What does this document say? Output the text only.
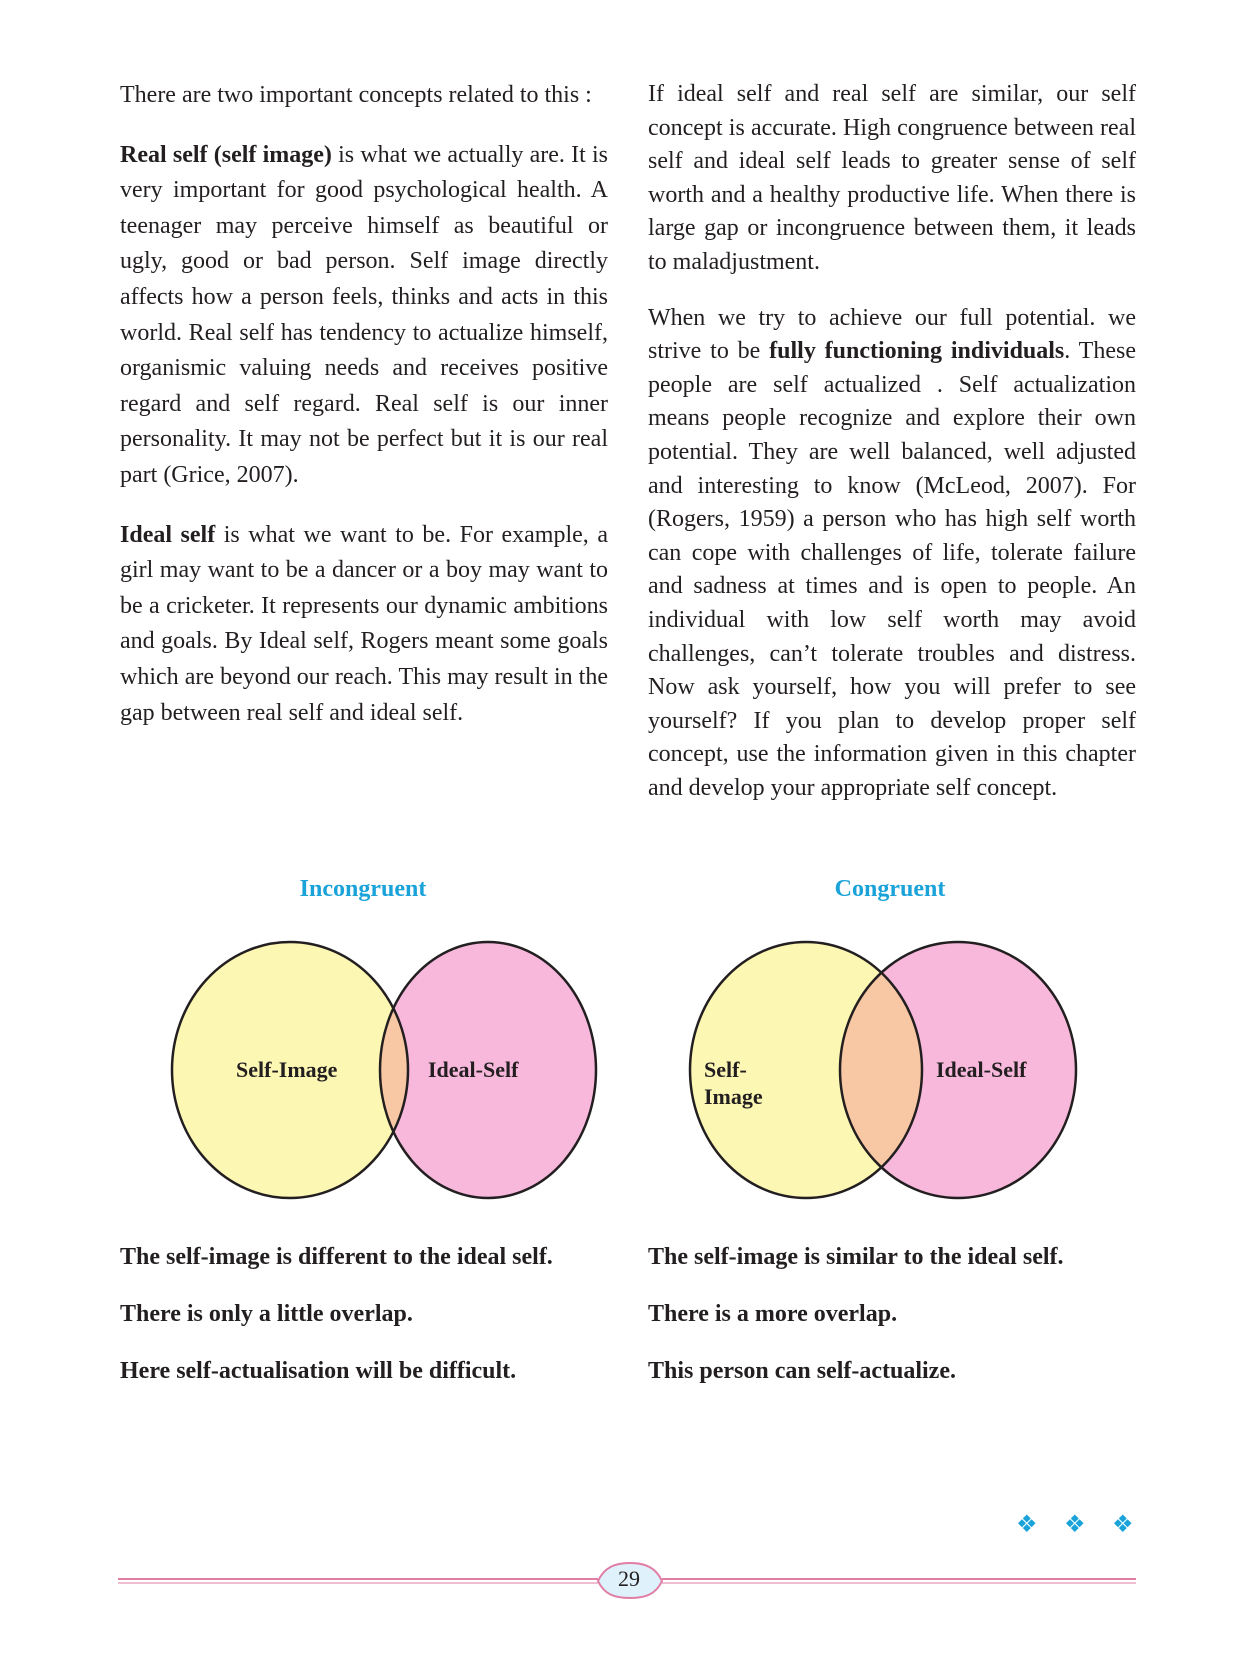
There are two important concepts related to this :

Real self (self image) is what we actually are. It is very important for good psychological health. A teenager may perceive himself as beautiful or ugly, good or bad person. Self image directly affects how a person feels, thinks and acts in this world. Real self has tendency to actualize himself, organismic valuing needs and receives positive regard and self regard. Real self is our inner personality. It may not be perfect but it is our real part (Grice, 2007).

Ideal self is what we want to be. For example, a girl may want to be a dancer or a boy may want to be a cricketer. It represents our dynamic ambitions and goals. By Ideal self, Rogers meant some goals which are beyond our reach. This may result in the gap between real self and ideal self.

If ideal self and real self are similar, our self concept is accurate. High congruence between real self and ideal self leads to greater sense of self worth and a healthy productive life. When there is large gap or incongruence between them, it leads to maladjustment.

When we try to achieve our full potential. we strive to be fully functioning individuals. These people are self actualized . Self actualization means people recognize and explore their own potential. They are well balanced, well adjusted and interesting to know (McLeod, 2007). For (Rogers, 1959) a person who has high self worth can cope with challenges of life, tolerate failure and sadness at times and is open to people. An individual with low self worth may avoid challenges, can’t tolerate troubles and distress. Now ask yourself, how you will prefer to see yourself? If you plan to develop proper self concept, use the information given in this chapter and develop your appropriate self concept.

Incongruent
Self-Image	Ideal-Self
Congruent
Self-
Image
Ideal-Self
The self-image is different to the ideal self.
There is only a little overlap.
Here self-actualisation will be difficult.
The self-image is similar to the ideal self.
There is a more overlap.
This person can self-actualize.
❖ ❖ ❖
29
